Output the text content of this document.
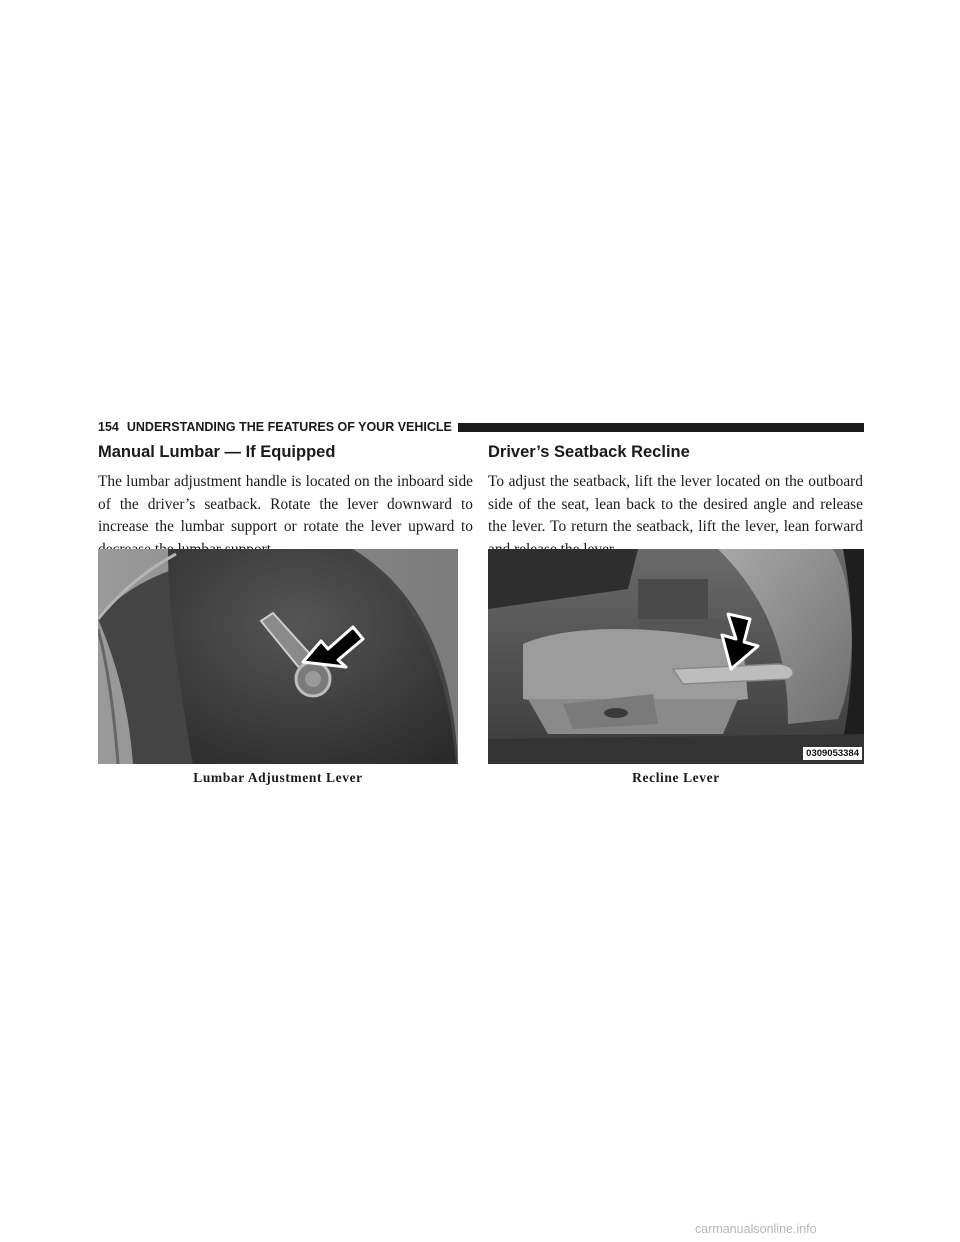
154 UNDERSTANDING THE FEATURES OF YOUR VEHICLE
Manual Lumbar — If Equipped

The lumbar adjustment handle is located on the inboard side of the driver’s seatback. Rotate the lever downward to increase the lumbar support or rotate the lever upward to

Driver’s Seatback Recline

To adjust the seatback, lift the lever located on the outboard side of the seat, lean back to the desired angle and release the lever. To return the seatback, lift the lever, lean forward

Lumbar Adjustment Lever
0309053384
Recline Lever
carmanualsonline.info
